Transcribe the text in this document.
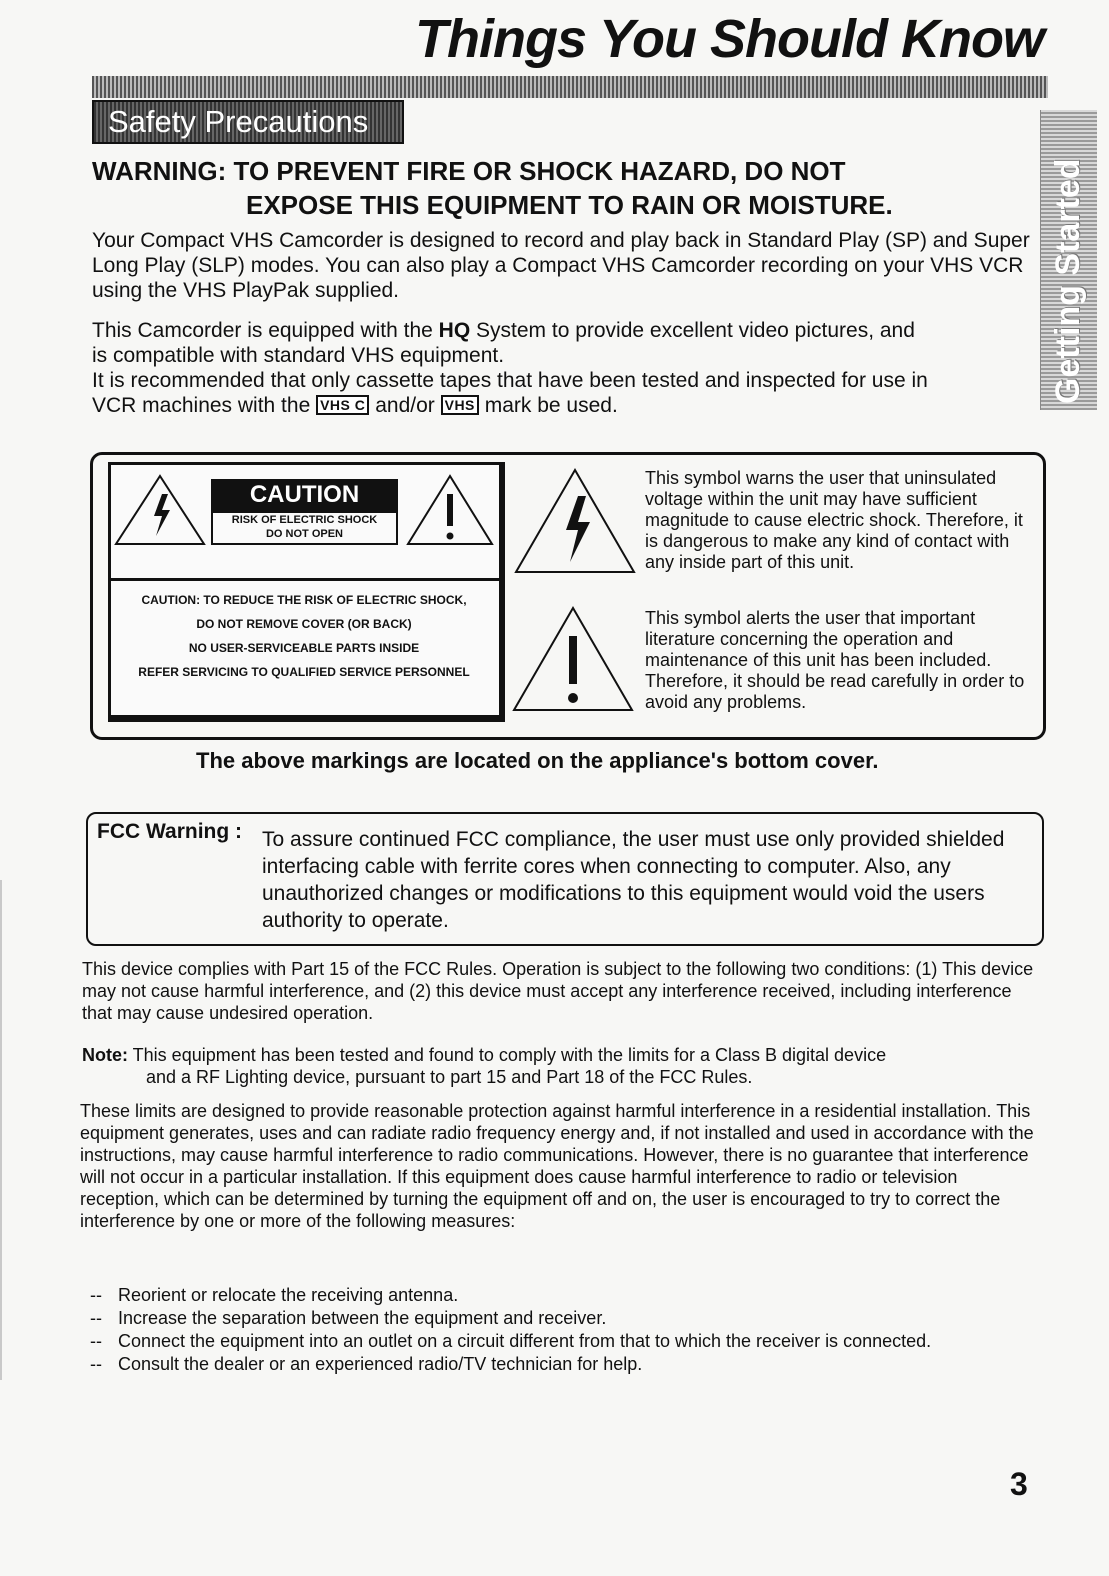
Things You Should Know
Safety Precautions
Getting Started
WARNING: TO PREVENT FIRE OR SHOCK HAZARD, DO NOT
EXPOSE THIS EQUIPMENT TO RAIN OR MOISTURE.
Your Compact VHS Camcorder is designed to record and play back in Standard Play (SP) and Super Long Play (SLP) modes. You can also play a Compact VHS Camcorder recording on your VHS VCR using the VHS PlayPak supplied.
This Camcorder is equipped with the HQ System to provide excellent video pictures, and
is compatible with standard VHS equipment.
It is recommended that only cassette tapes that have been tested and inspected for use in
VCR machines with the VHS C and/or VHS mark be used.
CAUTION
RISK OF ELECTRIC SHOCK
DO NOT OPEN
CAUTION: TO REDUCE THE RISK OF ELECTRIC SHOCK,
DO NOT REMOVE COVER (OR BACK)
NO USER-SERVICEABLE PARTS INSIDE
REFER SERVICING TO QUALIFIED SERVICE PERSONNEL
This symbol warns the user that uninsulated voltage within the unit may have sufficient magnitude to cause electric shock. Therefore, it is dangerous to make any kind of contact with any inside part of this unit.
This symbol alerts the user that important literature concerning the operation and maintenance of this unit has been included. Therefore, it should be read carefully in order to avoid any problems.
The above markings are located on the appliance's bottom cover.
FCC Warning : To assure continued FCC compliance, the user must use only provided shielded interfacing cable with ferrite cores when connecting to computer. Also, any unauthorized changes or modifications to this equipment would void the users authority to operate.
This device complies with Part 15 of the FCC Rules. Operation is subject to the following two conditions: (1) This device may not cause harmful interference, and (2) this device must accept any interference received, including interference that may cause undesired operation.
Note: This equipment has been tested and found to comply with the limits for a Class B digital device
and a RF Lighting device, pursuant to part 15 and Part 18 of the FCC Rules.
These limits are designed to provide reasonable protection against harmful interference in a residential installation. This equipment generates, uses and can radiate radio frequency energy and, if not installed and used in accordance with the instructions, may cause harmful interference to radio communications. However, there is no guarantee that interference will not occur in a particular installation. If this equipment does cause harmful interference to radio or television reception, which can be determined by turning the equipment off and on, the user is encouraged to try to correct the interference by one or more of the following measures:

-- Reorient or relocate the receiving antenna.

-- Increase the separation between the equipment and receiver.

-- Connect the equipment into an outlet on a circuit different from that to which the receiver is connected.

-- Consult the dealer or an experienced radio/TV technician for help.

3
